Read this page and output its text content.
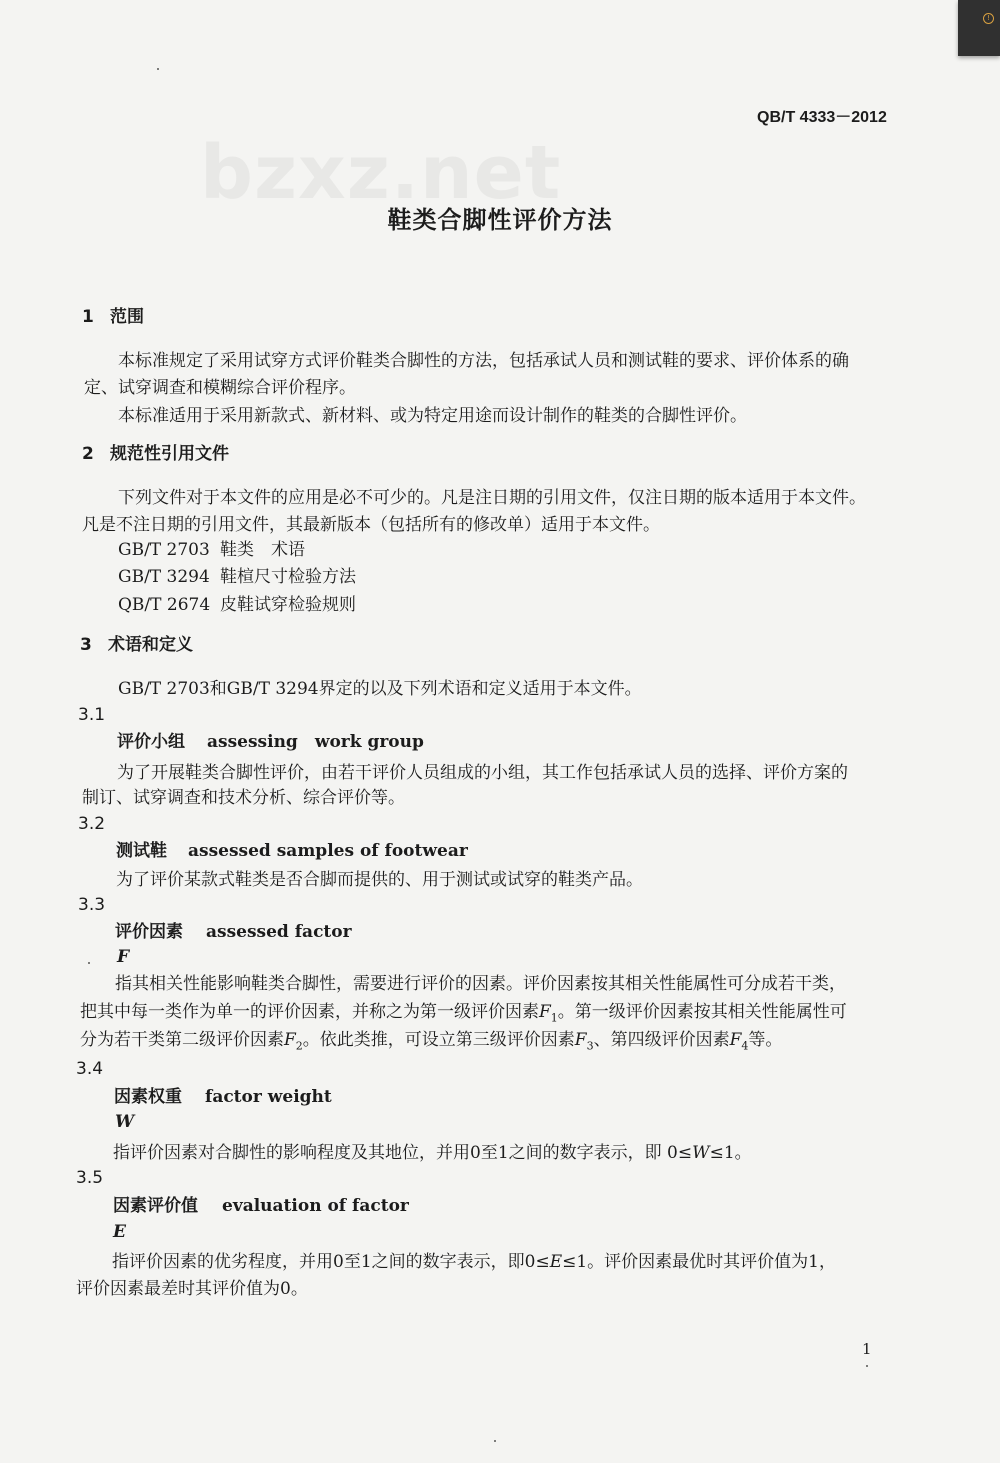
!
QB/T 4333－2012
bzxz.net
鞋类合脚性评价方法
1 范围
本标准规定了采用试穿方式评价鞋类合脚性的方法，包括承试人员和测试鞋的要求、评价体系的确
定、试穿调查和模糊综合评价程序。
本标准适用于采用新款式、新材料、或为特定用途而设计制作的鞋类的合脚性评价。
2 规范性引用文件
下列文件对于本文件的应用是必不可少的。凡是注日期的引用文件，仅注日期的版本适用于本文件。
凡是不注日期的引用文件，其最新版本（包括所有的修改单）适用于本文件。
GB/T 2703 鞋类　术语
GB/T 3294 鞋楦尺寸检验方法
QB/T 2674 皮鞋试穿检验规则
3 术语和定义
GB/T 2703和GB/T 3294界定的以及下列术语和定义适用于本文件。
3.1
评价小组 assessing　work group
为了开展鞋类合脚性评价，由若干评价人员组成的小组，其工作包括承试人员的选择、评价方案的
制订、试穿调查和技术分析、综合评价等。
3.2
测试鞋 assessed samples of footwear
为了评价某款式鞋类是否合脚而提供的、用于测试或试穿的鞋类产品。
3.3
评价因素 assessed factor
F
指其相关性能影响鞋类合脚性，需要进行评价的因素。评价因素按其相关性能属性可分成若干类，
把其中每一类作为单一的评价因素，并称之为第一级评价因素$F_1$。第一级评价因素按其相关性能属性可
分为若干类第二级评价因素$F_2$。依此类推，可设立第三级评价因素$F_3$、第四级评价因素$F_4$等。
3.4
因素权重 factor weight
W
指评价因素对合脚性的影响程度及其地位，并用0至1之间的数字表示，即 0≤W≤1。
3.5
因素评价值 evaluation of factor
E
指评价因素的优劣程度，并用0至1之间的数字表示，即0≤E≤1。评价因素最优时其评价值为1，
评价因素最差时其评价值为0。
1
